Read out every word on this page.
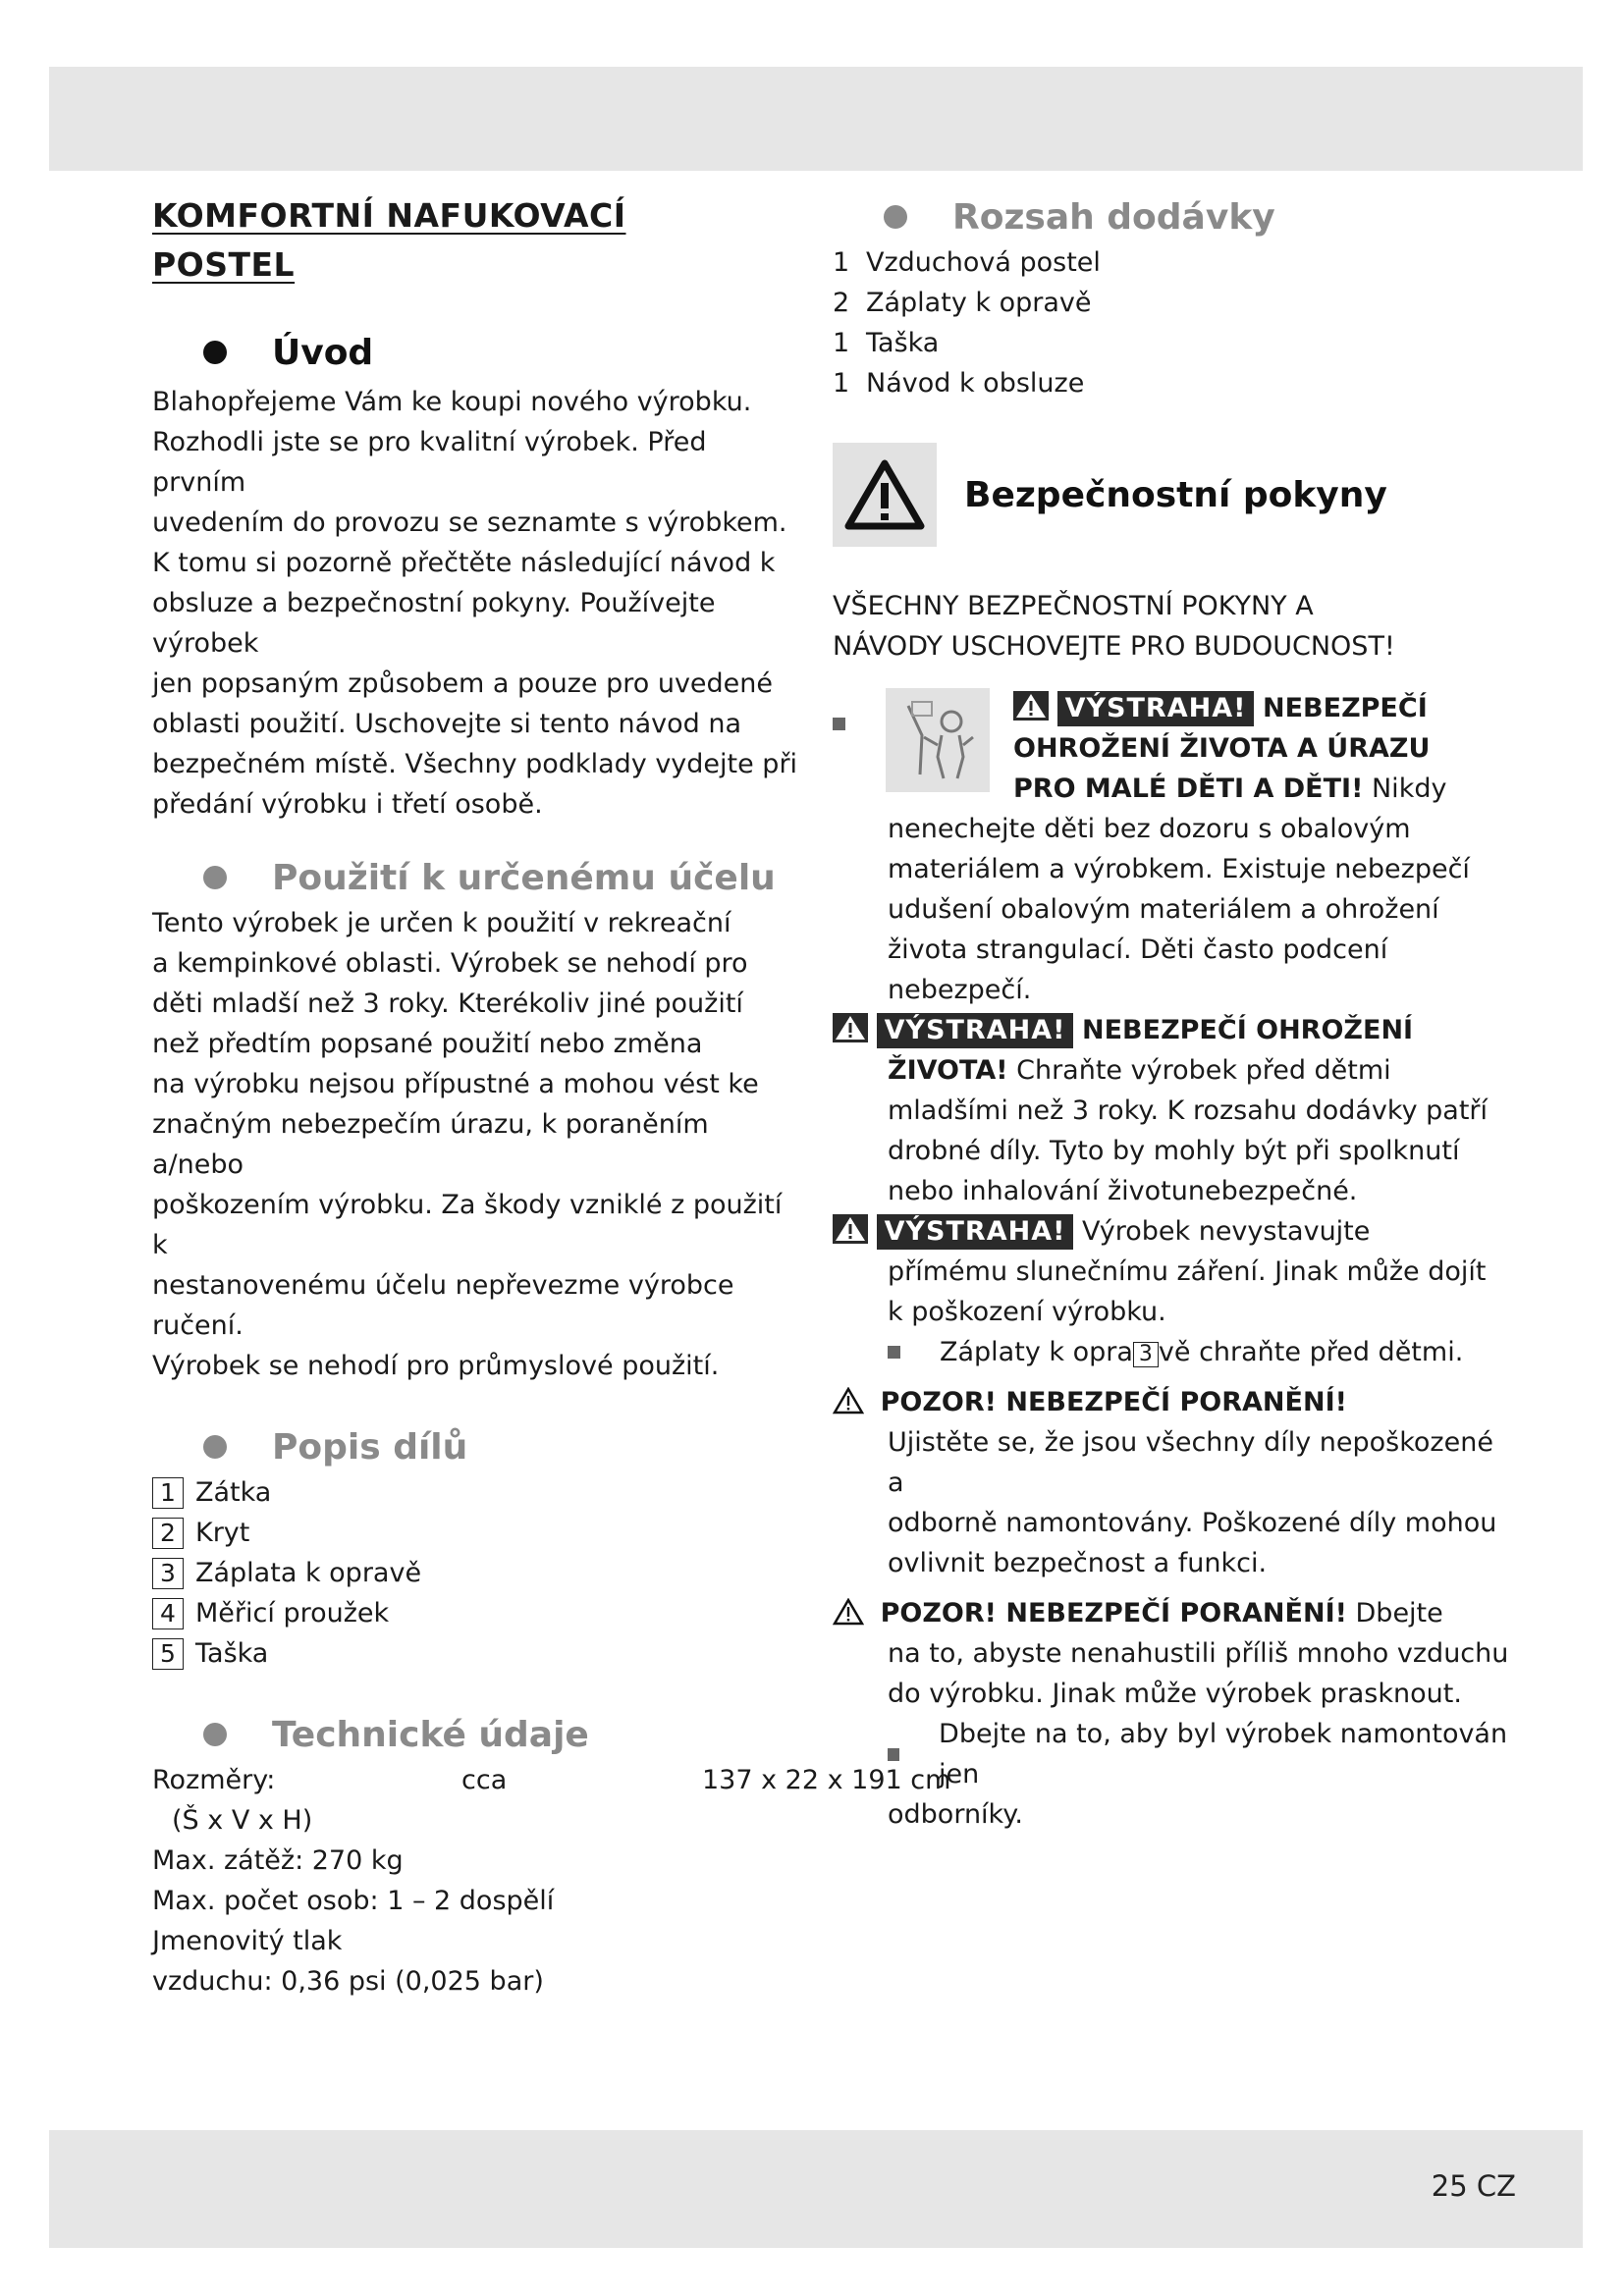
KOMFORTNÍ NAFUKOVACÍ
POSTEL
Úvod

Blahopřejeme Vám ke koupi nového výrobku.

Rozhodli jste se pro kvalitní výrobek. Před prvním

uvedením do provozu se seznamte s výrobkem.

K tomu si pozorně přečtěte následující návod k

obsluze a bezpečnostní pokyny. Používejte výrobek

jen popsaným způsobem a pouze pro uvedené

oblasti použití. Uschovejte si tento návod na

bezpečném místě. Všechny podklady vydejte při

předání výrobku i třetí osobě.

Použití k určenému účelu

Tento výrobek je určen k použití v rekreační

a kempinkové oblasti. Výrobek se nehodí pro

děti mladší než 3 roky. Kterékoliv jiné použití

než předtím popsané použití nebo změna

na výrobku nejsou přípustné a mohou vést ke

značným nebezpečím úrazu, k poraněním a/nebo

poškozením výrobku. Za škody vzniklé z použití k

nestanovenému účelu nepřevezme výrobce ručení.

Výrobek se nehodí pro průmyslové použití.

Popis dílů
1 Zátka
2 Kryt
3 Záplata k opravě
4 Měřicí proužek
5 Taška
Technické údaje
Rozměry:	cca	137 x 22 x 191 cm
(Š x V x H)
Max. zátěž: 270 kg
Max. počet osob: 1 – 2 dospělí
Jmenovitý tlak
vzduchu: 0,36 psi (0,025 bar)
Rozsah dodávky
1 Vzduchová postel
2 Záplaty k opravě
1 Taška
1 Návod k obsluze
Bezpečnostní pokyny
VŠECHNY BEZPEČNOSTNÍ POKYNY A
NÁVODY USCHOVEJTE PRO BUDOUCNOST!
VÝSTRAHA! NEBEZPEČÍ
OHROŽENÍ ŽIVOTA A ÚRAZU
PRO MALÉ DĚTI A DĚTI! Nikdy
nenechejte děti bez dozoru s obalovým
materiálem a výrobkem. Existuje nebezpečí
udušení obalovým materiálem a ohrožení
života strangulací. Děti často podcení
nebezpečí.
VÝSTRAHA! NEBEZPEČÍ OHROŽENÍ
ŽIVOTA! Chraňte výrobek před dětmi
mladšími než 3 roky. K rozsahu dodávky patří
drobné díly. Tyto by mohly být při spolknutí
nebo inhalování životunebezpečné.
VÝSTRAHA! Výrobek nevystavujte
přímému slunečnímu záření. Jinak může dojít
k poškození výrobku.
Záplaty k opra 3 vě chraňte před dětmi.
POZOR! NEBEZPEČÍ PORANĚNÍ!
Ujistěte se, že jsou všechny díly nepoškozené a
odborně namontovány. Poškozené díly mohou
ovlivnit bezpečnost a funkci.
POZOR! NEBEZPEČÍ PORANĚNÍ! Dbejte
na to, abyste nenahustili příliš mnoho vzduchu
do výrobku. Jinak může výrobek prasknout.
Dbejte na to, aby byl výrobek namontován jen
odborníky.
25 CZ
